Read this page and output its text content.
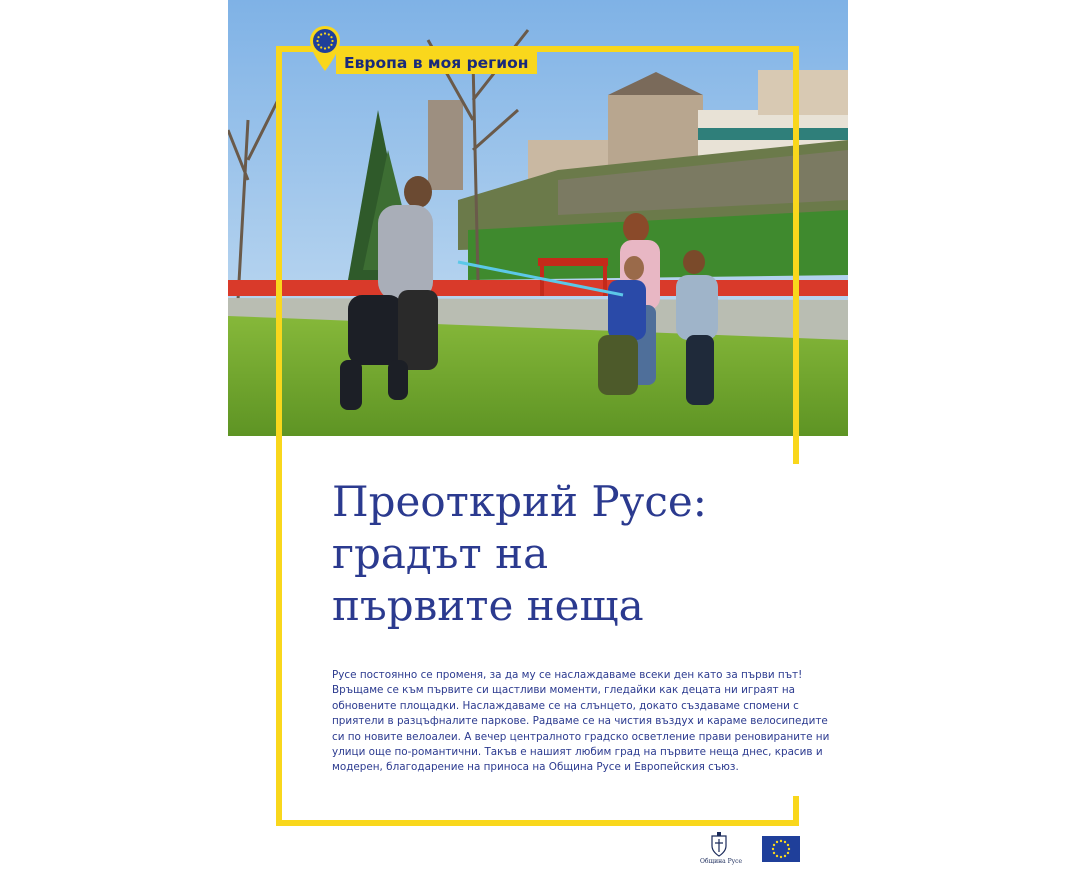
Европа в моя регион
Преоткрий Русе:
градът на
първите неща

Русе постоянно се променя, за да му се наслаждаваме всеки ден като за първи път!
Връщаме се към първите си щастливи моменти, гледайки как децата ни играят на
обновените площадки. Наслаждаваме се на слънцето, докато създаваме спомени с
приятели в разцъфналите паркове. Радваме се на чистия въздух и караме велосипедите
си по новите велоалеи. А вечер централното градско осветление прави реновираните ни
улици още по-романтични. Такъв е нашият любим град на първите неща днес, красив и
модерен, благодарение на приноса на Община Русе и Европейския съюз.

Община Русе
